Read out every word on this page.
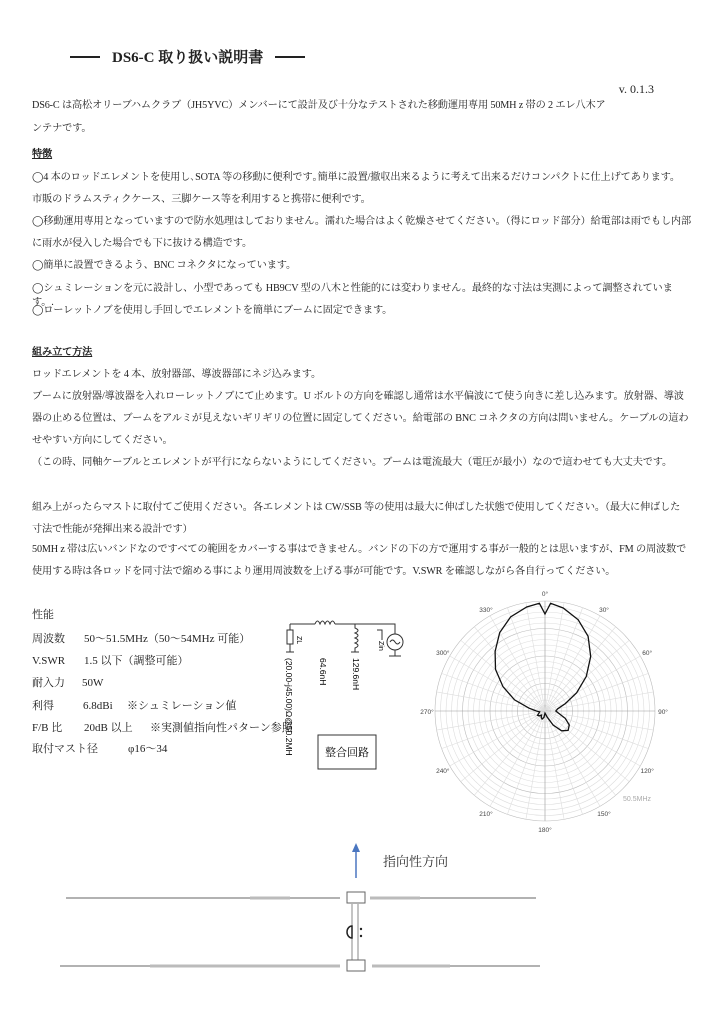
DS6-C 取り扱い説明書
v. 0.1.3
DS6-C は高松オリーブハムクラブ（JH5YVC）メンバーにて設計及び十分なテストされた移動運用専用 50MH z 帯の 2 エレ八木ア
ンテナです。
特徴
◯4 本のロッドエレメントを使用し､SOTA 等の移動に便利です｡簡単に設置/撤収出来るように考えて出来るだけコンパクトに仕上げてあります。
市販のドラムスティクケース、三脚ケース等を利用すると携帯に便利です。
◯移動運用専用となっていますので防水処理はしておりません。濡れた場合はよく乾燥させてください。（得にロッド部分）給電部は雨でもし内部
に雨水が侵入した場合でも下に抜ける構造です。
◯簡単に設置できるよう、BNC コネクタになっています。
◯シュミレーションを元に設計し、小型であっても HB9CV 型の八木と性能的には変わりません。最終的な寸法は実測によって調整されています。.
◯ローレットノブを使用し手回しでエレメントを簡単にブームに固定できます。
組み立て方法
ロッドエレメントを 4 本、放射器部、導波器部にネジ込みます。
ブームに放射器/導波器を入れローレットノブにて止めます。U ボルトの方向を確認し通常は水平偏波にて使う向きに差し込みます。放射器、導波
器の止める位置は、ブームをアルミが見えないギリギリの位置に固定してください。給電部の BNC コネクタの方向は問いません。ケーブルの這わ
せやすい方向にしてください。
（この時、同軸ケーブルとエレメントが平行にならないようにしてください。ブームは電流最大（電圧が最小）なので這わせても大丈夫です。
組み上がったらマストに取付てご使用ください。各エレメントは CW/SSB 等の使用は最大に伸ばした状態で使用してください。（最大に伸ばした
寸法で性能が発揮出来る設計です）
50MH z 帯は広いバンドなのですべての範囲をカバーする事はできません。バンドの下の方で運用する事が一般的とは思いますが、FM の周波数で
使用する時は各ロッドを同寸法で縮める事により運用周波数を上げる事が可能です。V.SWR を確認しながら各自行ってください。
性能
周波数 50～51.5MHz（50～54MHz 可能）
V.SWR 1.5 以下（調整可能）
耐入力 50W
利得	6.8dBi ※シュミレーション値
F/B 比 20dB 以上 ※実測値指向性パターン参照
取付マスト径	φ16～34
ZL
(20.00-j45.00)Ω@50.2MH	64.6nH	129.6nH
Zin
整合回路
0°
30°
60°
90°
120°
150°
180°
210°
240°
270°
300°
330°
50.5MHz
指向性方向
